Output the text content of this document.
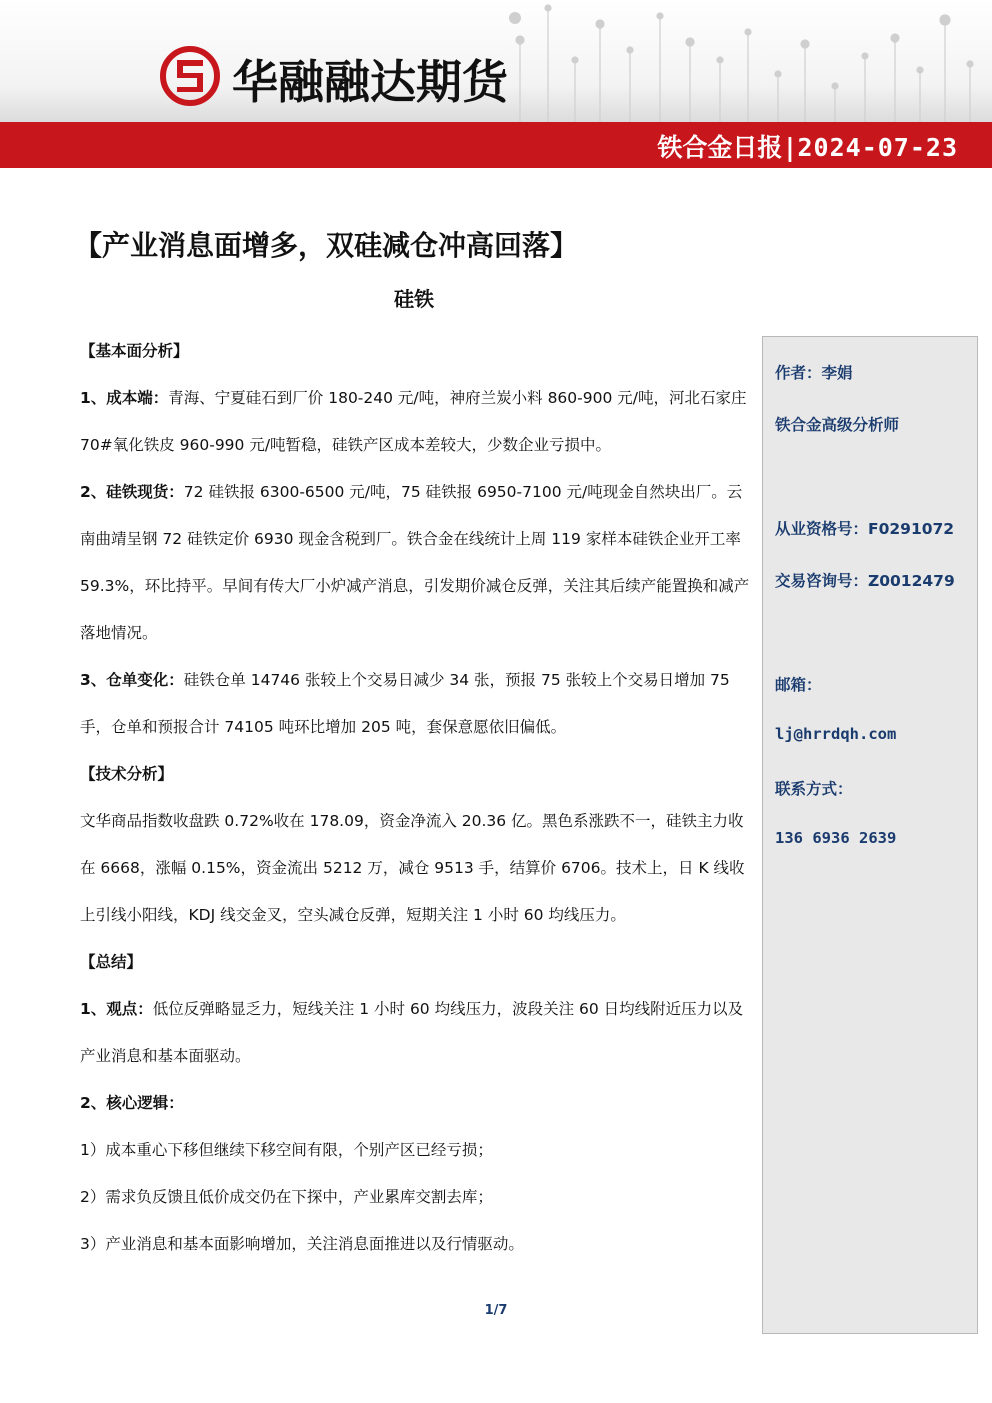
华融融达期货
铁合金日报 | 2024-07-23
【产业消息面增多，双硅减仓冲高回落】
硅铁

【基本面分析】

1、成本端：青海、宁夏硅石到厂价 180-240 元/吨，神府兰炭小料 860-900 元/吨，河北石家庄 70#氧化铁皮 960-990 元/吨暂稳，硅铁产区成本差较大，少数企业亏损中。

2、硅铁现货：72 硅铁报 6300-6500 元/吨，75 硅铁报 6950-7100 元/吨现金自然块出厂。云南曲靖呈钢 72 硅铁定价 6930 现金含税到厂。铁合金在线统计上周 119 家样本硅铁企业开工率 59.3%，环比持平。早间有传大厂小炉减产消息，引发期价减仓反弹，关注其后续产能置换和减产落地情况。

3、仓单变化：硅铁仓单 14746 张较上个交易日减少 34 张，预报 75 张较上个交易日增加 75 手，仓单和预报合计 74105 吨环比增加 205 吨，套保意愿依旧偏低。

【技术分析】

文华商品指数收盘跌 0.72%收在 178.09，资金净流入 20.36 亿。黑色系涨跌不一，硅铁主力收在 6668，涨幅 0.15%，资金流出 5212 万，减仓 9513 手，结算价 6706。技术上，日 K 线收上引线小阳线，KDJ 线交金叉，空头减仓反弹，短期关注 1 小时 60 均线压力。

【总结】

1、观点：低位反弹略显乏力，短线关注 1 小时 60 均线压力，波段关注 60 日均线附近压力以及产业消息和基本面驱动。

2、核心逻辑：

1）成本重心下移但继续下移空间有限，个别产区已经亏损；

2）需求负反馈且低价成交仍在下探中，产业累库交割去库；

3）产业消息和基本面影响增加，关注消息面推进以及行情驱动。

作者：李娟
铁合金高级分析师
从业资格号：F0291072
交易咨询号：Z0012479
邮箱：
lj@hrrdqh.com
联系方式：
136 6936 2639
1/7
